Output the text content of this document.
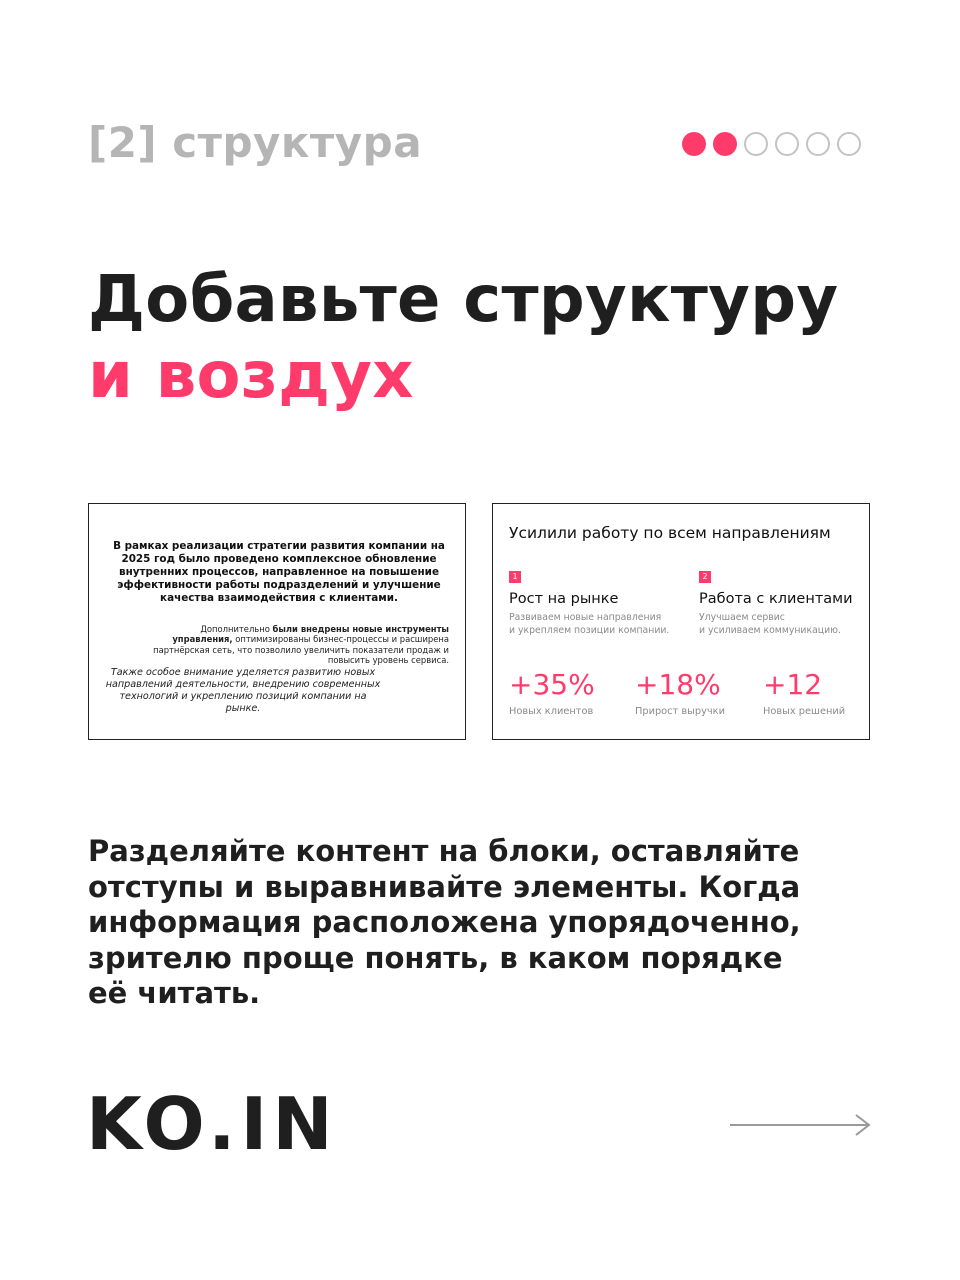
[2] структура
Добавьте структуру
и воздух
В рамках реализации стратегии развития компании на 2025 год было проведено комплексное обновление внутренних процессов, направленное на повышение эффективности работы подразделений и улучшение качества взаимодействия с клиентами.
Дополнительно были внедрены новые инструменты управления, оптимизированы бизнес-процессы и расширена партнёрская сеть, что позволило увеличить показатели продаж и повысить уровень сервиса.
Также особое внимание уделяется развитию новых направлений деятельности, внедрению современных технологий и укреплению позиций компании на рынке.
Усилили работу по всем направлениям
1
Рост на рынке
Развиваем новые направления
и укрепляем позиции компании.
2
Работа с клиентами
Улучшаем сервис
и усиливаем коммуникацию.
+35%
Новых клиентов
+18%
Прирост выручки
+12
Новых решений
Разделяйте контент на блоки, оставляйте
отступы и выравнивайте элементы. Когда
информация расположена упорядоченно,
зрителю проще понять, в каком порядке
её читать.
KO.IN
